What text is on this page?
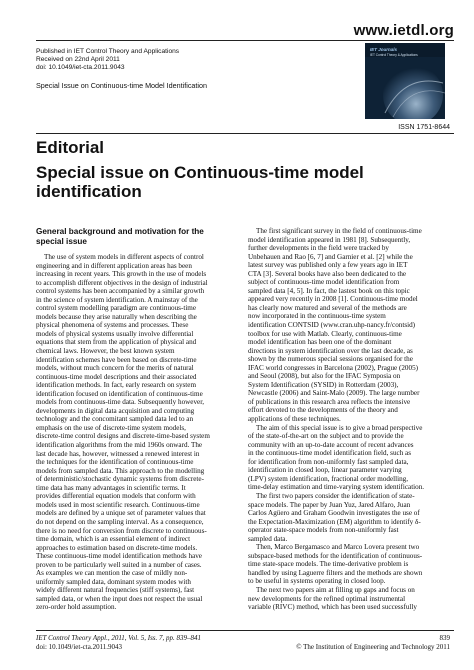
www.ietdl.org
Published in IET Control Theory and Applications
Received on 22nd April 2011
doi: 10.1049/iet-cta.2011.9043
Special Issue on Continuous-time Model Identification
IET Journals
IET Control Theory & Applications
ISSN 1751-8644
Editorial
Special issue on Continuous-time model
identification
General background and motivation for the
special issue
The use of system models in different aspects of control
engineering and in different application areas has been
increasing in recent years. This growth in the use of models
to accomplish different objectives in the design of industrial
control systems has been accompanied by a similar growth
in the science of system identification. A mainstay of the
control system modelling paradigm are continuous-time
models because they arise naturally when describing the
physical phenomena of systems and processes. These
models of physical systems usually involve differential
equations that stem from the application of physical and
chemical laws. However, the best known system
identification schemes have been based on discrete-time
models, without much concern for the merits of natural
continuous-time model descriptions and their associated
identification methods. In fact, early research on system
identification focused on identification of continuous-time
models from continuous-time data. Subsequently however,
developments in digital data acquisition and computing
technology and the concomitant sampled data led to an
emphasis on the use of discrete-time system models,
discrete-time control designs and discrete-time-based system
identification algorithms from the mid 1960s onward. The
last decade has, however, witnessed a renewed interest in
the techniques for the identification of continuous-time
models from sampled data. This approach to the modelling
of deterministic/stochastic dynamic systems from discrete-
time data has many advantages in scientific terms. It
provides differential equation models that conform with
models used in most scientific research. Continuous-time
models are defined by a unique set of parameter values that
do not depend on the sampling interval. As a consequence,
there is no need for conversion from discrete to continuous-
time domain, which is an essential element of indirect
approaches to estimation based on discrete-time models.
These continuous-time model identification methods have
proven to be particularly well suited in a number of cases.
As examples we can mention the case of mildly non-
uniformly sampled data, dominant system modes with
widely different natural frequencies (stiff systems), fast
sampled data, or when the input does not respect the usual
zero-order hold assumption.
The first significant survey in the field of continuous-time
model identification appeared in 1981 [8]. Subsequently,
further developments in the field were tracked by
Unbehauen and Rao [6, 7] and Garnier et al. [2] while the
latest survey was published only a few years ago in IET
CTA [3]. Several books have also been dedicated to the
subject of continuous-time model identification from
sampled data [4, 5]. In fact, the lastest book on this topic
appeared very recently in 2008 [1]. Continuous-time model
has clearly now matured and several of the methods are
now incorporated in the continuous-time system
identification CONTSID (www.cran.uhp-nancy.fr/contsid)
toolbox for use with Matlab. Clearly, continuous-time
model identification has been one of the dominant
directions in system identification over the last decade, as
shown by the numerous special sessions organised for the
IFAC world congresses in Barcelona (2002), Prague (2005)
and Seoul (2008), but also for the IFAC Symposia on
System Identification (SYSID) in Rotterdam (2003),
Newcastle (2006) and Saint-Malo (2009). The large number
of publications in this research area reflects the intensive
effort devoted to the developments of the theory and
applications of these techniques.
The aim of this special issue is to give a broad perspective
of the state-of-the-art on the subject and to provide the
community with an up-to-date account of recent advances
in the continuous-time model identification field, such as
for identification from non-uniformly fast sampled data,
identification in closed loop, linear parameter varying
(LPV) system identification, fractional order modelling,
time-delay estimation and time-varying system identification.
The first two papers consider the identification of state-
space models. The paper by Juan Yuz, Jared Alfaro, Juan
Carlos Agüero and Graham Goodwin investigates the use of
the Expectation-Maximization (EM) algorithm to identify δ-
operator state-space models from non-uniformly fast
sampled data.
Then, Marco Bergamasco and Marco Lovera present two
subspace-based methods for the identification of continuous-
time state-space models. The time-derivative problem is
handled by using Laguerre filters and the methods are shown
to be useful in systems operating in closed loop.
The next two papers aim at filling up gaps and focus on
new developments for the refined optimal instrumental
variable (RIVC) method, which has been used successfully
IET Control Theory Appl., 2011, Vol. 5, Iss. 7, pp. 839–841
doi: 10.1049/iet-cta.2011.9043
839
© The Institution of Engineering and Technology 2011
